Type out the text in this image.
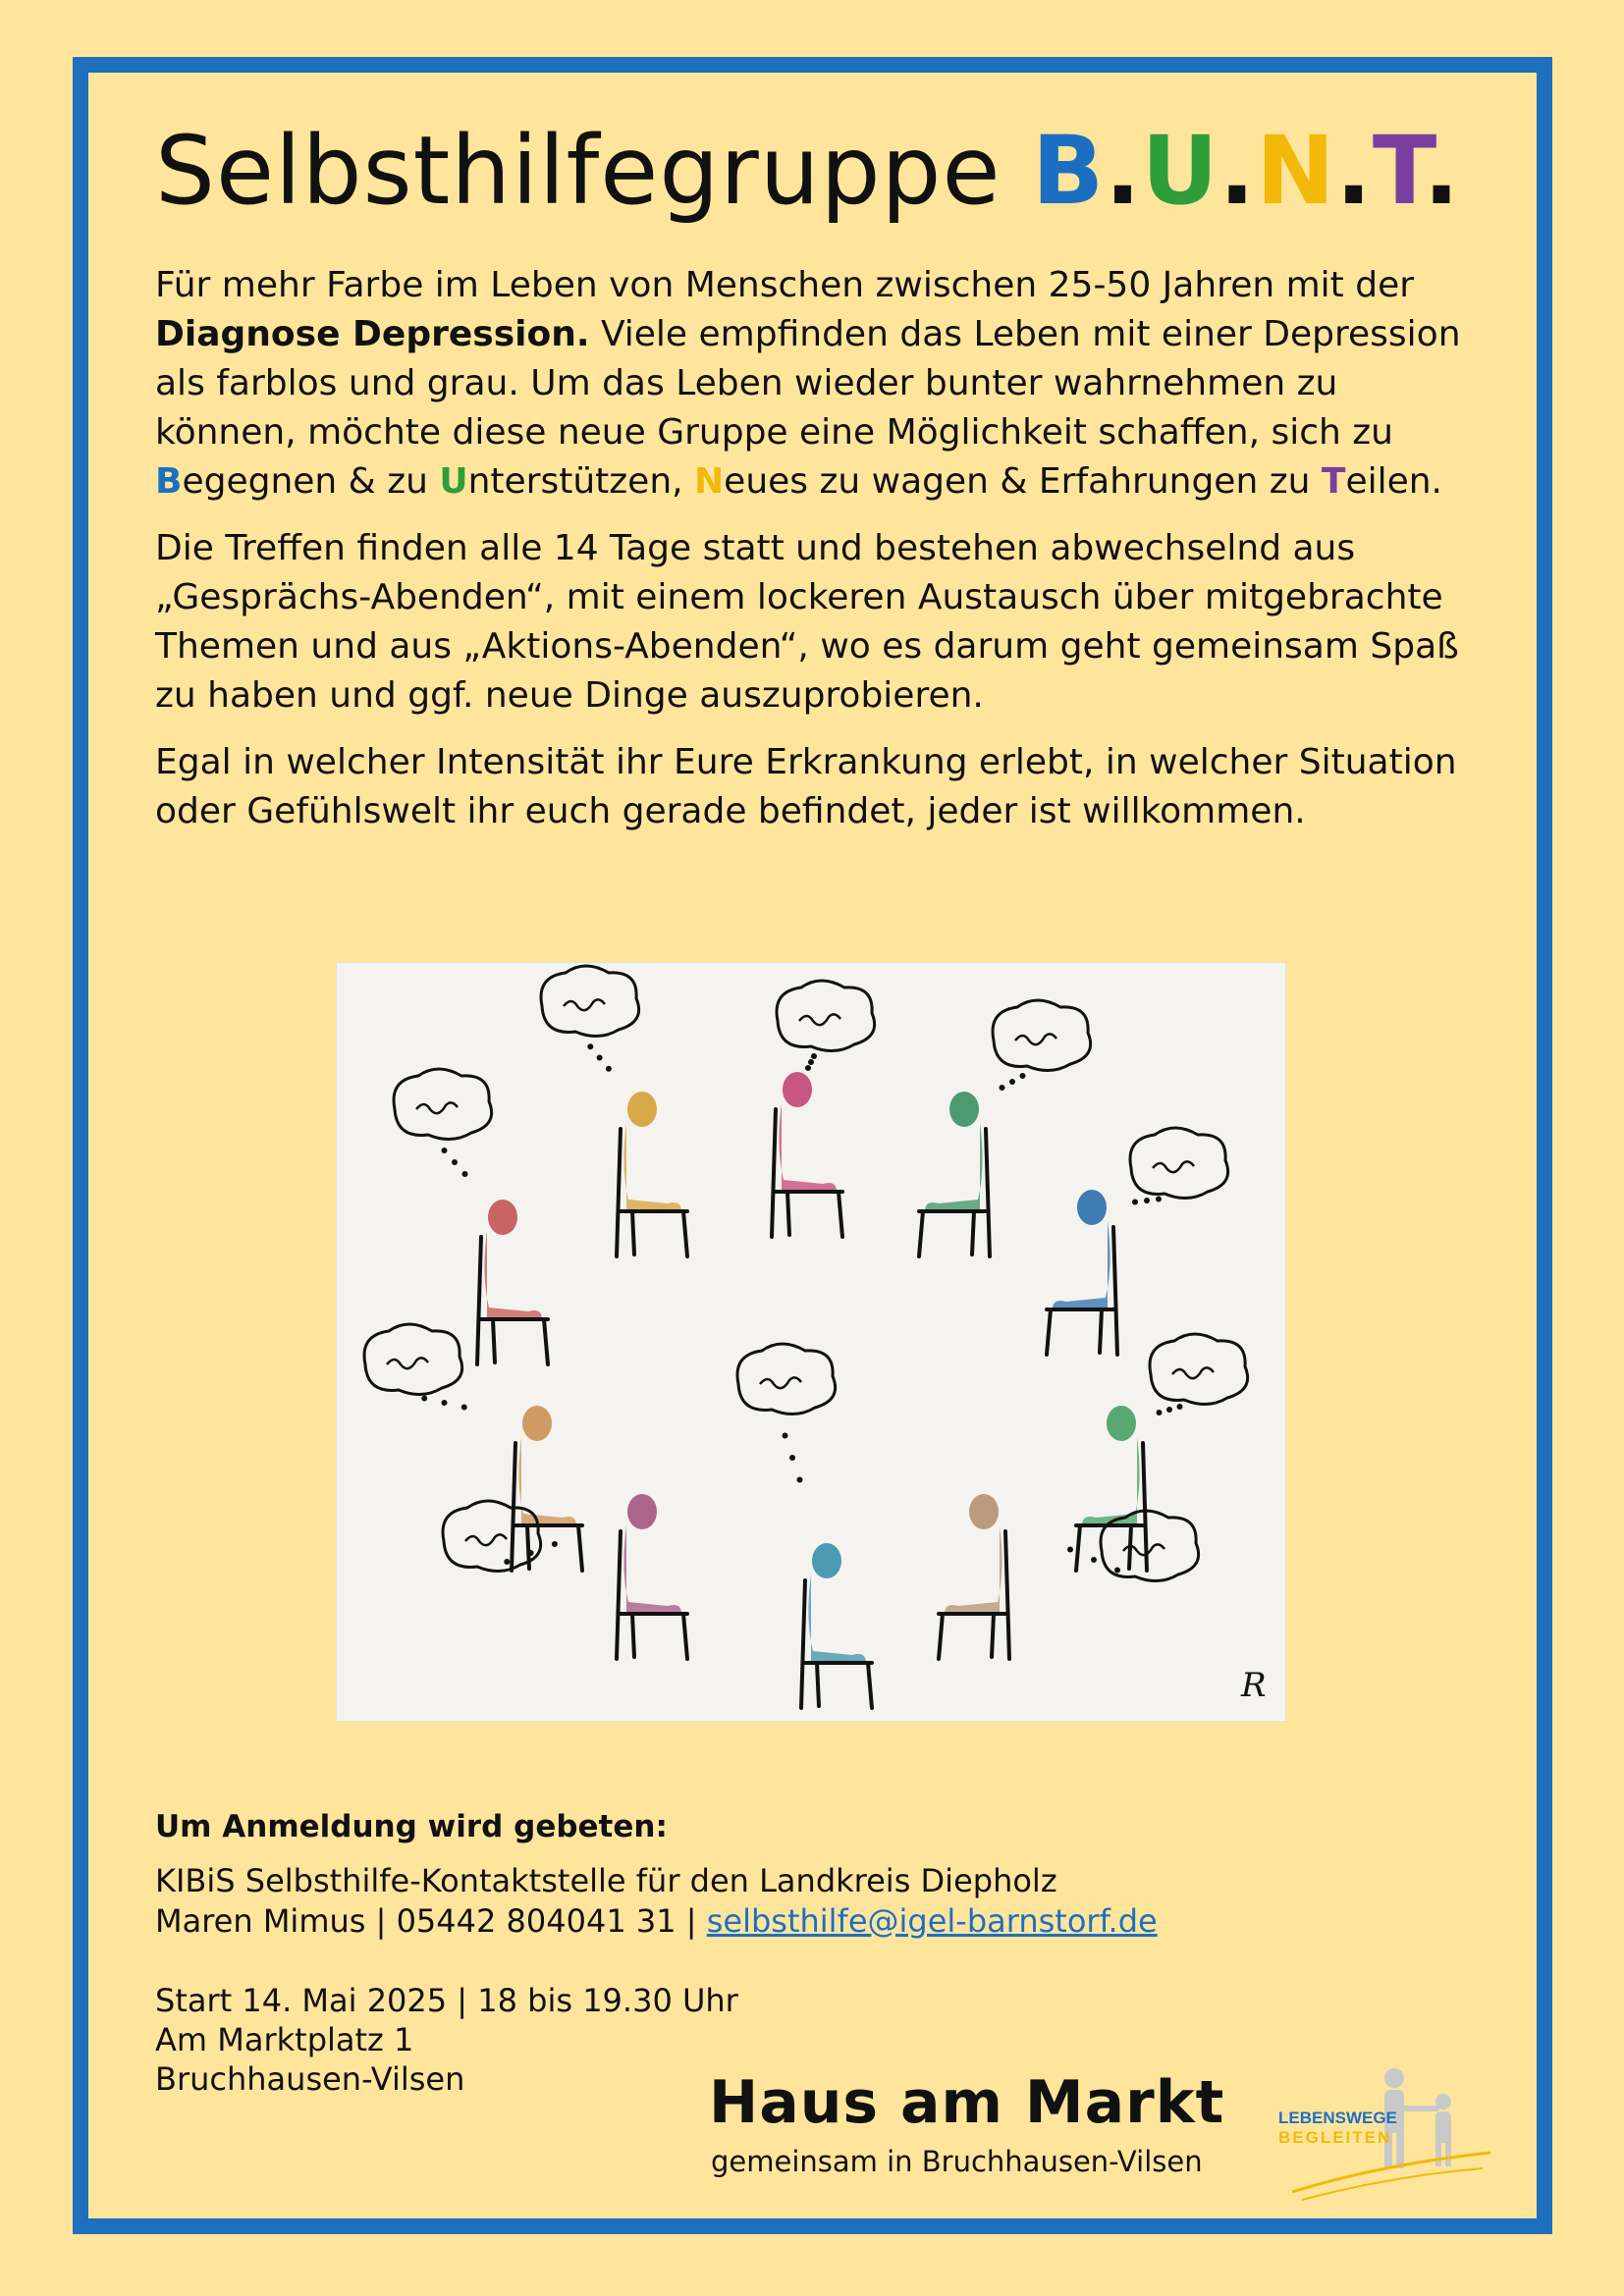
Selbsthilfegruppe B.U.N.T.

Für mehr Farbe im Leben von Menschen zwischen 25-50 Jahren mit der Diagnose Depression. Viele empfinden das Leben mit einer Depression als farblos und grau. Um das Leben wieder bunter wahrnehmen zu können, möchte diese neue Gruppe eine Möglichkeit schaffen, sich zu Begegnen & zu Unterstützen, Neues zu wagen & Erfahrungen zu Teilen.

Die Treffen finden alle 14 Tage statt und bestehen abwechselnd aus „Gesprächs-Abenden“, mit einem lockeren Austausch über mitgebrachte Themen und aus „Aktions-Abenden“, wo es darum geht gemeinsam Spaß zu haben und ggf. neue Dinge auszuprobieren.

Egal in welcher Intensität ihr Eure Erkrankung erlebt, in welcher Situation oder Gefühlswelt ihr euch gerade befindet, jeder ist willkommen.

R
Um Anmeldung wird gebeten:
KIBiS Selbsthilfe-Kontaktstelle für den Landkreis Diepholz
Maren Mimus | 05442 804041 31 | selbsthilfe@igel-barnstorf.de
Start 14. Mai 2025 | 18 bis 19.30 Uhr
Am Marktplatz 1
Bruchhausen-Vilsen	Haus am Markt
gemeinsam in Bruchhausen-Vilsen
LEBENSWEGE
BEGLEITEN
